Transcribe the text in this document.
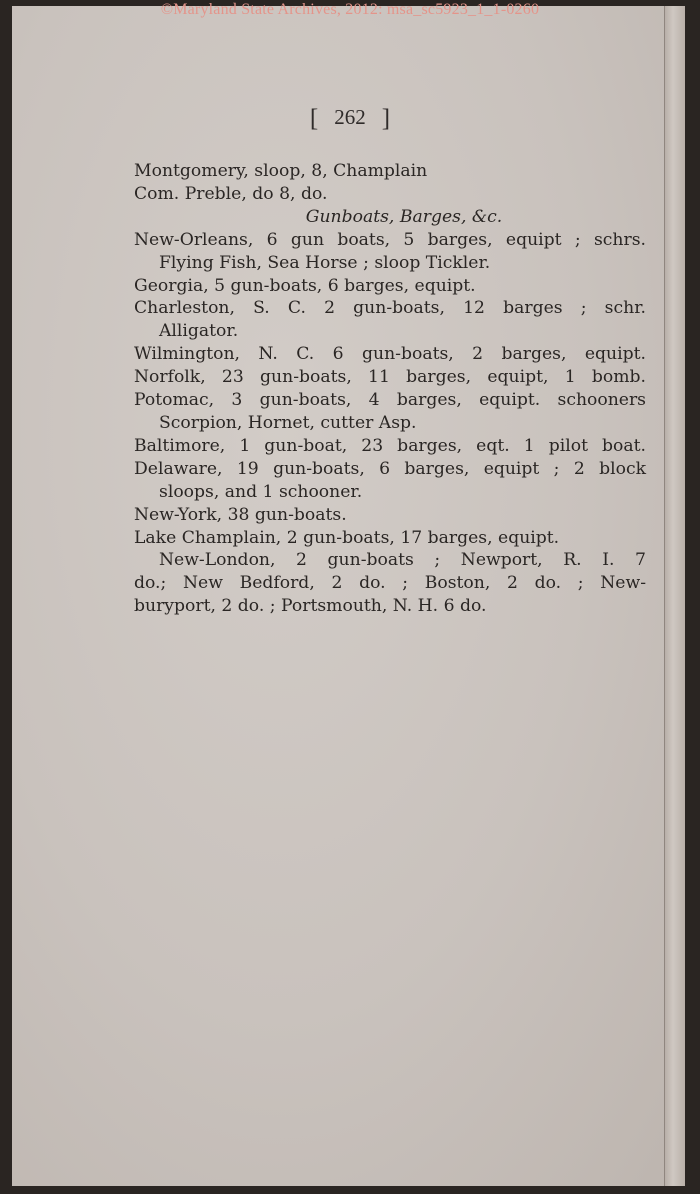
©Maryland State Archives, 2012: msa_sc5923_1_1-0260
[ 262 ]
Montgomery, sloop, 8, Champlain
Com. Preble, do 8, do.
Gunboats, Barges, &c.
New-Orleans, 6 gun boats, 5 barges, equipt ; schrs.
Flying Fish, Sea Horse ; sloop Tickler.
Georgia, 5 gun-boats, 6 barges, equipt.
Charleston, S. C. 2 gun-boats, 12 barges ; schr.
Alligator.
Wilmington, N. C. 6 gun-boats, 2 barges, equipt.
Norfolk, 23 gun-boats, 11 barges, equipt, 1 bomb.
Potomac, 3 gun-boats, 4 barges, equipt. schooners
Scorpion, Hornet, cutter Asp.
Baltimore, 1 gun-boat, 23 barges, eqt. 1 pilot boat.
Delaware, 19 gun-boats, 6 barges, equipt ; 2 block
sloops, and 1 schooner.
New-York, 38 gun-boats.
Lake Champlain, 2 gun-boats, 17 barges, equipt.
New-London, 2 gun-boats ; Newport, R. I. 7
do.; New Bedford, 2 do. ; Boston, 2 do. ; New-
buryport, 2 do. ; Portsmouth, N. H. 6 do.
